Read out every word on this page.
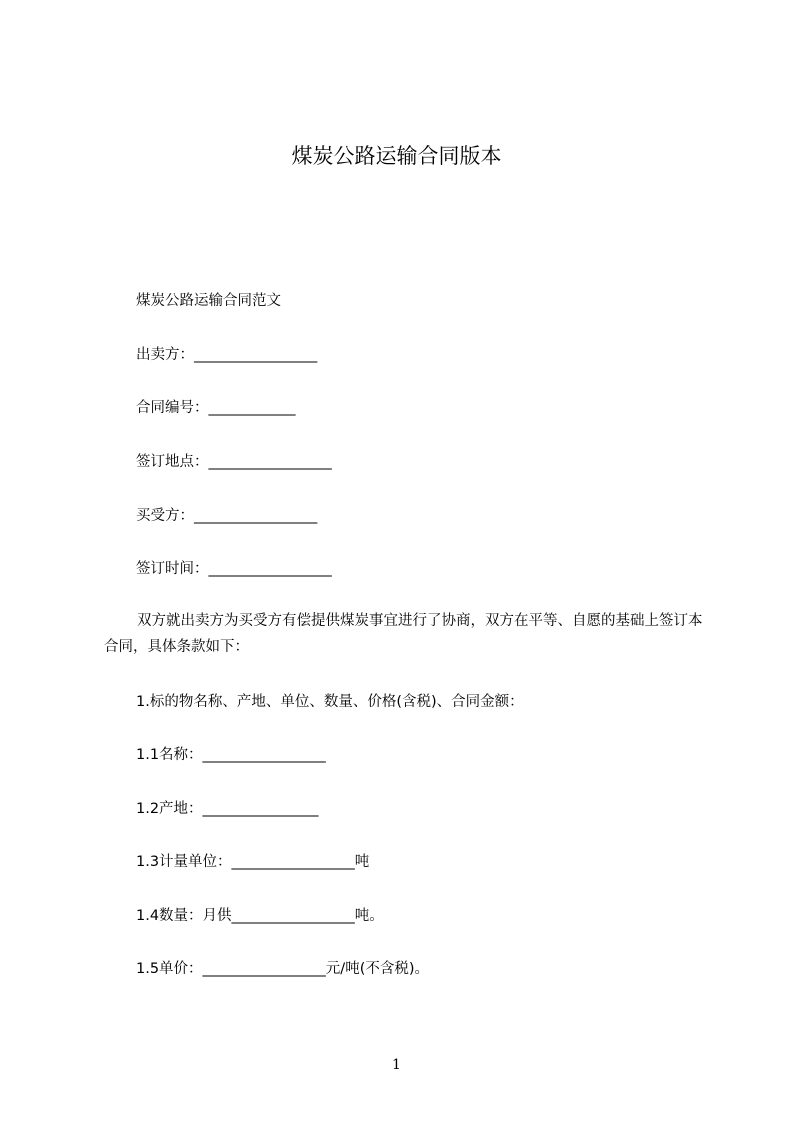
煤炭公路运输合同版本
煤炭公路运输合同范文
出卖方：_________________
合同编号：____________
签订地点：_________________
买受方：_________________
签订时间：_________________
双方就出卖方为买受方有偿提供煤炭事宜进行了协商，双方在平等、自愿的基础上签订本合同，具体条款如下：
1.标的物名称、产地、单位、数量、价格(含税)、合同金额：
1.1名称：_________________
1.2产地：________________
1.3计量单位：_________________吨
1.4数量：月供_________________吨。
1.5单价：_________________元/吨(不含税)。
1
